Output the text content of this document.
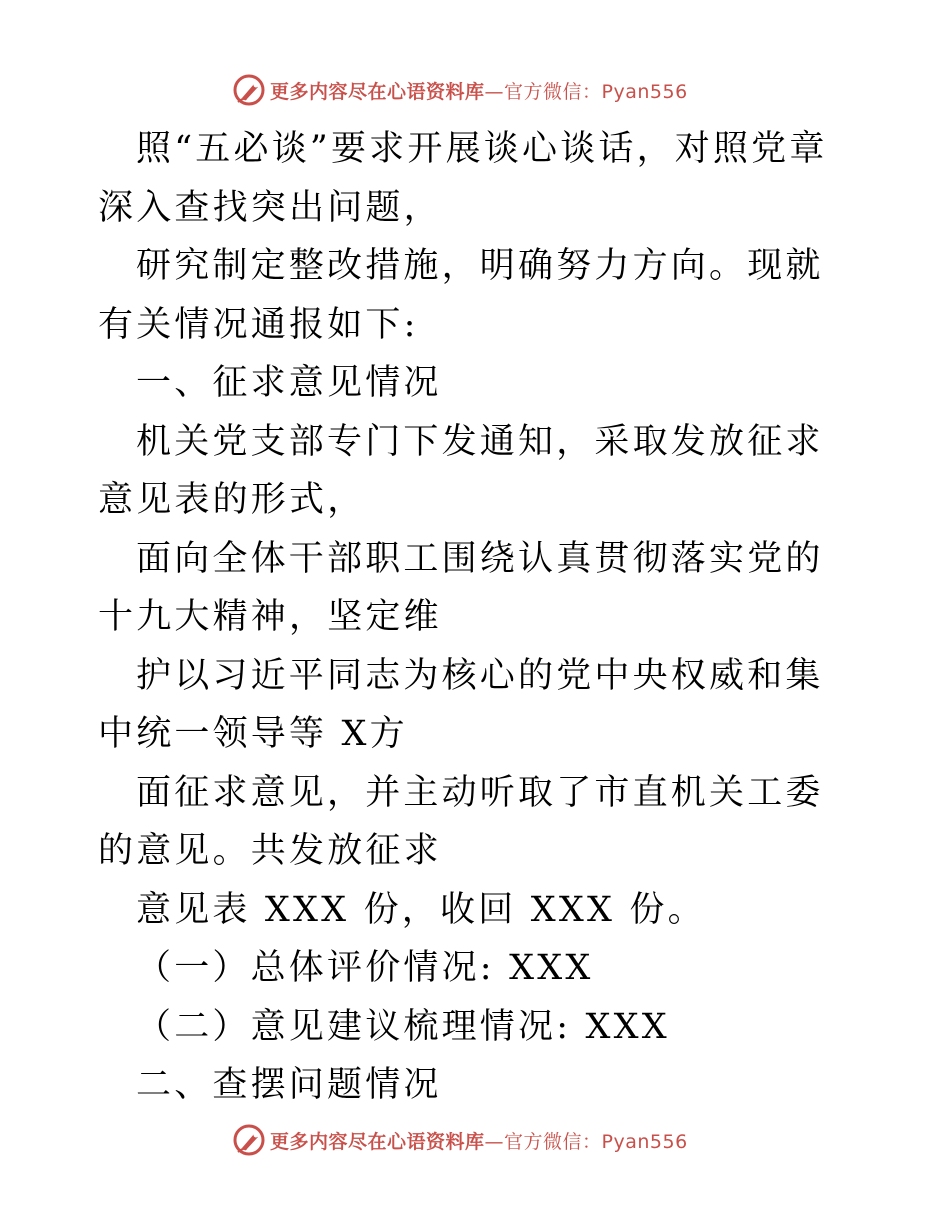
更多内容尽在心语资料库—官方微信：Pyan556

照“五必谈”要求开展谈心谈话，对照党章深入查找突出问题，

研究制定整改措施，明确努力方向。现就有关情况通报如下:

一、征求意见情况

机关党支部专门下发通知，采取发放征求意见表的形式，

面向全体干部职工围绕认真贯彻落实党的十九大精神，坚定维

护以习近平同志为核心的党中央权威和集中统一领导等 X方

面征求意见，并主动听取了市直机关工委的意见。共发放征求

意见表 XXX 份，收回 XXX 份。

（一）总体评价情况: XXX

（二）意见建议梳理情况: XXX

二、查摆问题情况

更多内容尽在心语资料库—官方微信：Pyan556
